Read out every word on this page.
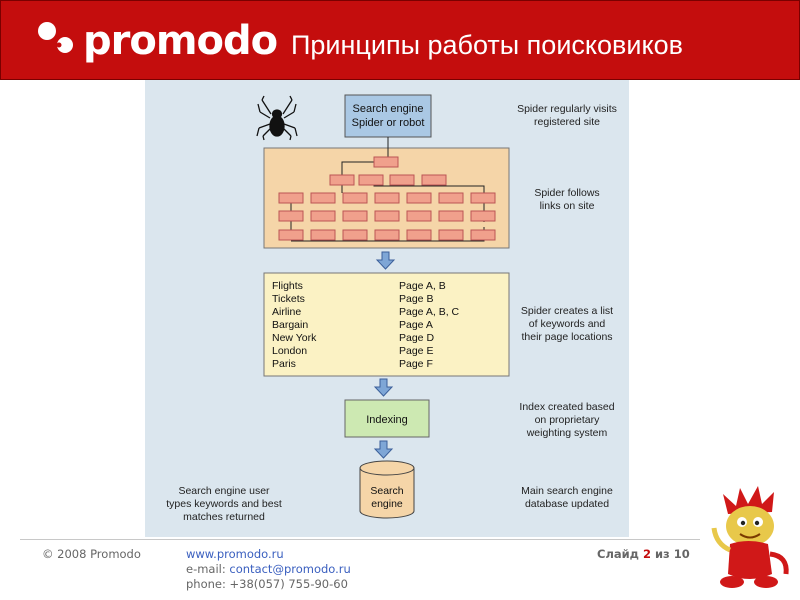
promodo Принципы работы поисковиков
Search engine
Spider or robot
Flights	Page A, B
Tickets	Page B
Airline	Page A, B, C
Bargain	Page A
New York	Page D
London	Page E
Paris	Page F
Indexing
Search
engine
Spider regularly visits
registered site
Spider follows
links on site
Spider creates a list
of keywords and
their page locations
Index created based
on proprietary
weighting system
Main search engine
database updated
Search engine user
types keywords and best
matches returned
© 2008 Promodo	www.promodo.ru
e-mail: contact@promodo.ru
phone: +38(057) 755-90-60
Слайд 2 из 10
